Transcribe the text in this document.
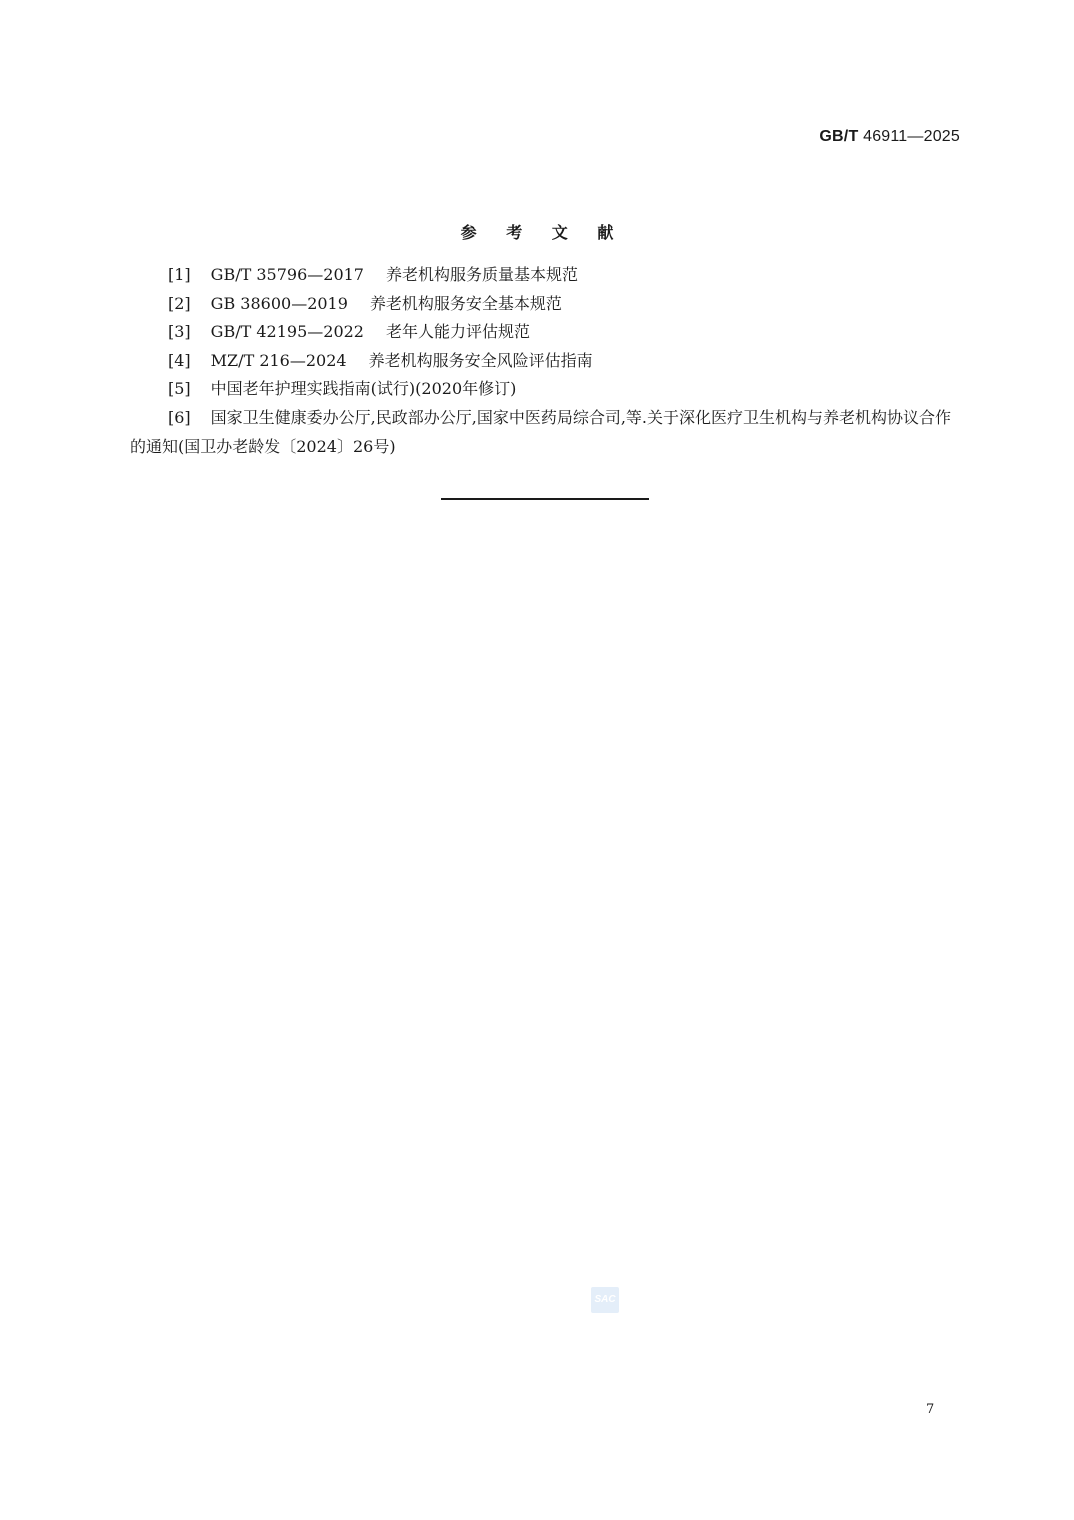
GB/T 46911—2025
参 考 文 献

[1] GB/T 35796—2017 养老机构服务质量基本规范

[2] GB 38600—2019 养老机构服务安全基本规范

[3] GB/T 42195—2022 老年人能力评估规范

[4] MZ/T 216—2024 养老机构服务安全风险评估指南

[5] 中国老年护理实践指南(试行)(2020年修订)

[6] 国家卫生健康委办公厅,民政部办公厅,国家中医药局综合司,等.关于深化医疗卫生机构与养老机构协议合作的通知(国卫办老龄发〔2024〕26号)

SAC
7
